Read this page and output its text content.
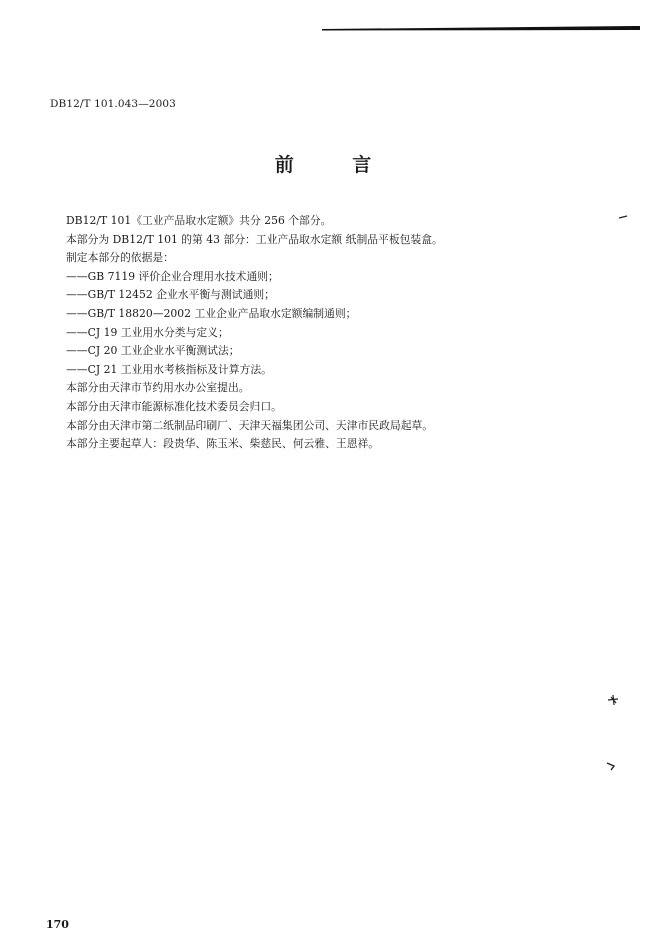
DB12/T 101.043—2003
前 言
DB12/T 101《工业产品取水定额》共分 256 个部分。
本部分为 DB12/T 101 的第 43 部分：工业产品取水定额 纸制品平板包装盒。
制定本部分的依据是：
——GB 7119 评价企业合理用水技术通则；
——GB/T 12452 企业水平衡与测试通则；
——GB/T 18820—2002 工业企业产品取水定额编制通则；
——CJ 19 工业用水分类与定义；
——CJ 20 工业企业水平衡测试法；
——CJ 21 工业用水考核指标及计算方法。
本部分由天津市节约用水办公室提出。
本部分由天津市能源标准化技术委员会归口。
本部分由天津市第二纸制品印刷厂、天津天福集团公司、天津市民政局起草。
本部分主要起草人：段贵华、陈玉米、柴慈民、何云雅、王恩祥。
170
